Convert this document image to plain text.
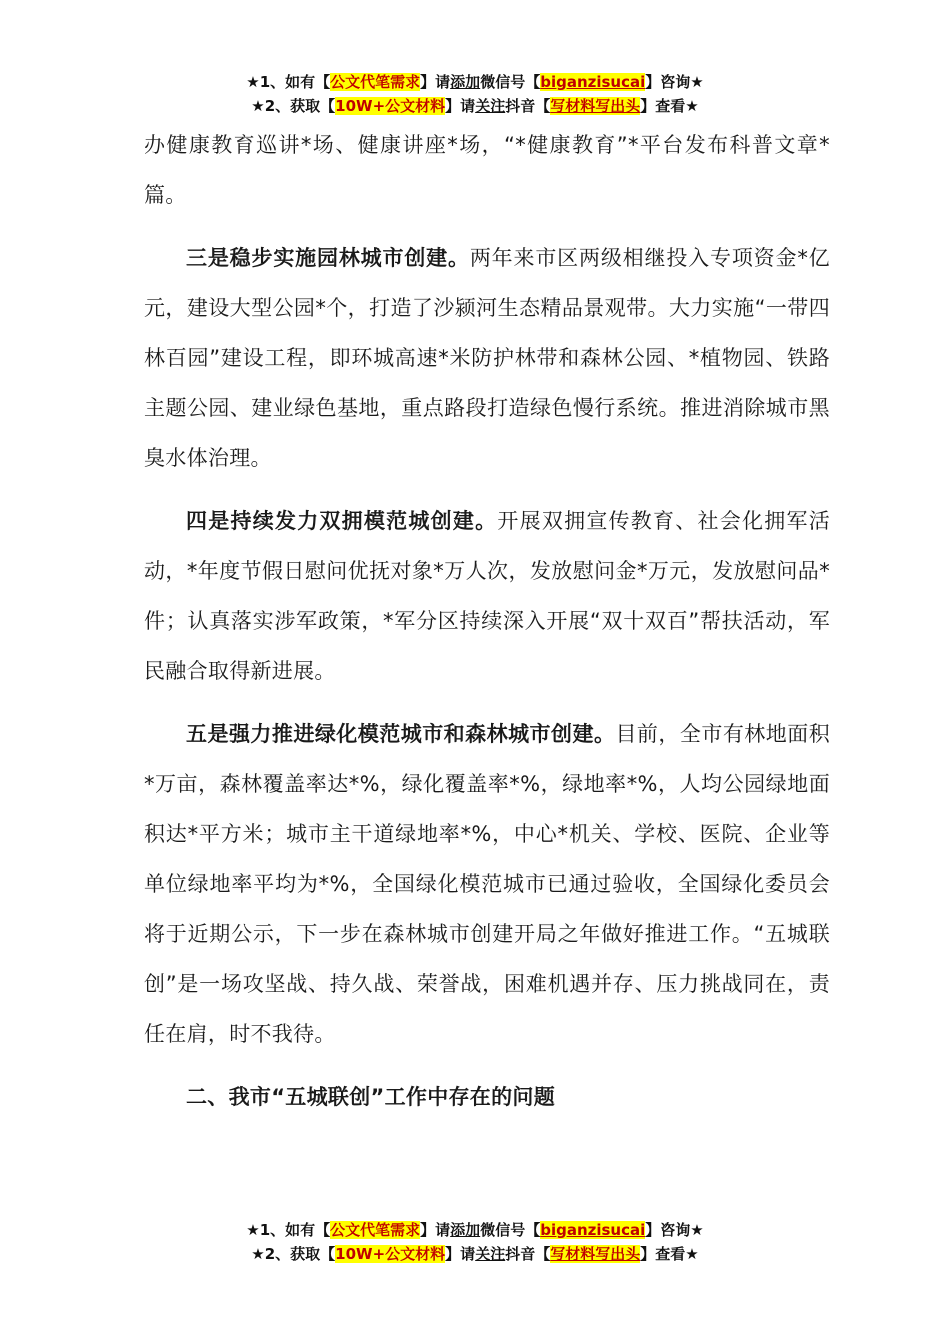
★1、如有【公文代笔需求】请添加微信号【biganzisucai】咨询★
★2、获取【10W+公文材料】请关注抖音【写材料写出头】查看★

办健康教育巡讲*场、健康讲座*场，“*健康教育”*平台发布科普文章*篇。

三是稳步实施园林城市创建。两年来市区两级相继投入专项资金*亿元，建设大型公园*个，打造了沙颍河生态精品景观带。大力实施“一带四林百园”建设工程，即环城高速*米防护林带和森林公园、*植物园、铁路主题公园、建业绿色基地，重点路段打造绿色慢行系统。推进消除城市黑臭水体治理。

四是持续发力双拥模范城创建。开展双拥宣传教育、社会化拥军活动，*年度节假日慰问优抚对象*万人次，发放慰问金*万元，发放慰问品*件；认真落实涉军政策，*军分区持续深入开展“双十双百”帮扶活动，军民融合取得新进展。

五是强力推进绿化模范城市和森林城市创建。目前，全市有林地面积*万亩，森林覆盖率达*%，绿化覆盖率*%，绿地率*%，人均公园绿地面积达*平方米；城市主干道绿地率*%，中心*机关、学校、医院、企业等单位绿地率平均为*%，全国绿化模范城市已通过验收，全国绿化委员会将于近期公示，下一步在森林城市创建开局之年做好推进工作。“五城联创”是一场攻坚战、持久战、荣誉战，困难机遇并存、压力挑战同在，责任在肩，时不我待。

二、我市“五城联创”工作中存在的问题

★1、如有【公文代笔需求】请添加微信号【biganzisucai】咨询★
★2、获取【10W+公文材料】请关注抖音【写材料写出头】查看★
